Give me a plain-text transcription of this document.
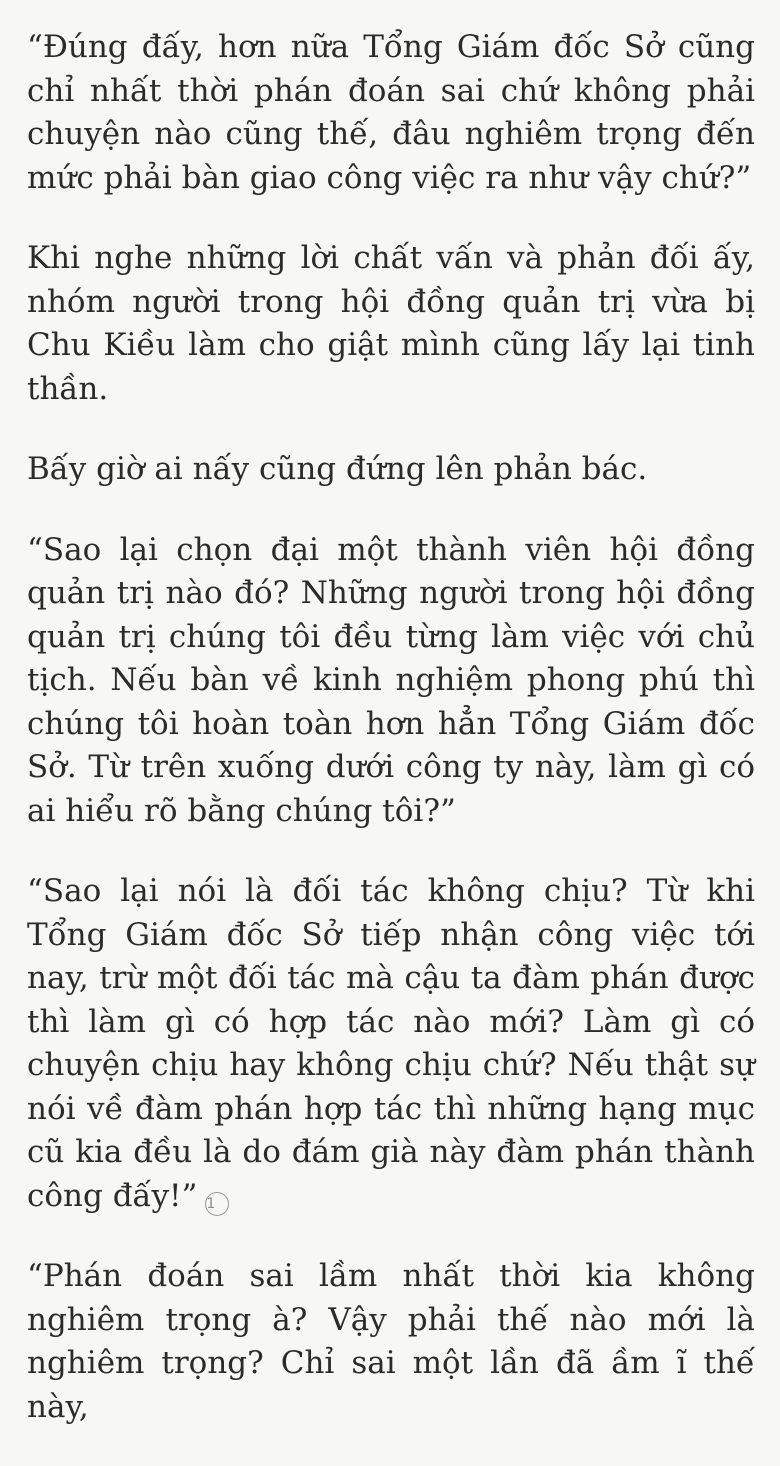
“Đúng đấy, hơn nữa Tổng Giám đốc Sở cũng chỉ nhất thời phán đoán sai chứ không phải chuyện nào cũng thế, đâu nghiêm trọng đến mức phải bàn giao công việc ra như vậy chứ?”

Khi nghe những lời chất vấn và phản đối ấy, nhóm người trong hội đồng quản trị vừa bị Chu Kiều làm cho giật mình cũng lấy lại tinh thần.

Bấy giờ ai nấy cũng đứng lên phản bác.

“Sao lại chọn đại một thành viên hội đồng quản trị nào đó? Những người trong hội đồng quản trị chúng tôi đều từng làm việc với chủ tịch. Nếu bàn về kinh nghiệm phong phú thì chúng tôi hoàn toàn hơn hẳn Tổng Giám đốc Sở. Từ trên xuống dưới công ty này, làm gì có ai hiểu rõ bằng chúng tôi?”

“Sao lại nói là đối tác không chịu? Từ khi Tổng Giám đốc Sở tiếp nhận công việc tới nay, trừ một đối tác mà cậu ta đàm phán được thì làm gì có hợp tác nào mới? Làm gì có chuyện chịu hay không chịu chứ? Nếu thật sự nói về đàm phán hợp tác thì những hạng mục cũ kia đều là do đám già này đàm phán thành công đấy!” 1

“Phán đoán sai lầm nhất thời kia không nghiêm trọng à? Vậy phải thế nào mới là nghiêm trọng? Chỉ sai một lần đã ầm ĩ thế này,
